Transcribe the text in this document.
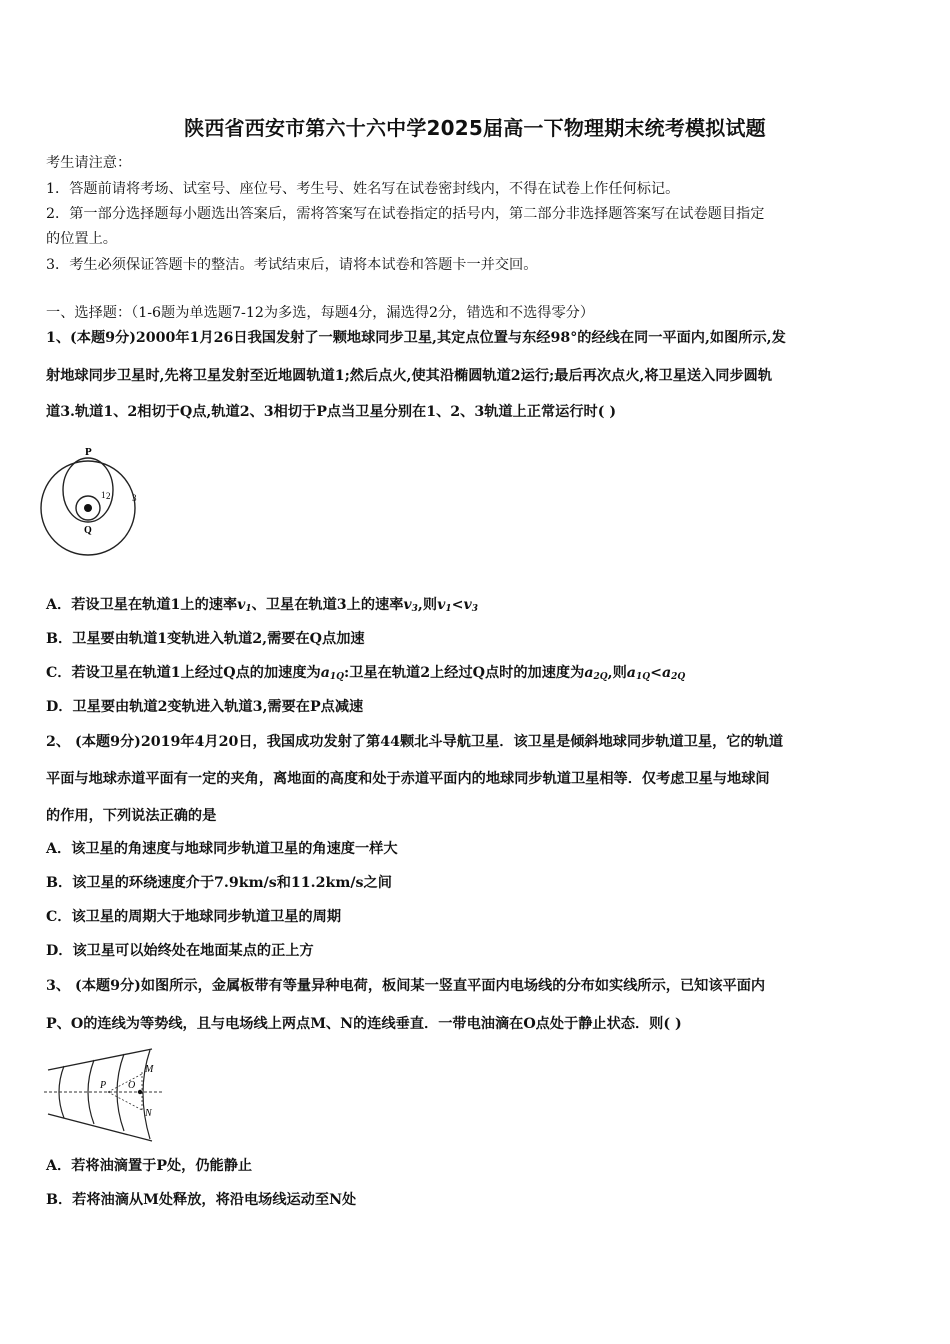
陕西省西安市第六十六中学2025届高一下物理期末统考模拟试题
考生请注意：
1．答题前请将考场、试室号、座位号、考生号、姓名写在试卷密封线内，不得在试卷上作任何标记。
2．第一部分选择题每小题选出答案后，需将答案写在试卷指定的括号内，第二部分非选择题答案写在试卷题目指定
的位置上。
3．考生必须保证答题卡的整洁。考试结束后，请将本试卷和答题卡一并交回。
一、选择题：（1-6题为单选题7-12为多选，每题4分，漏选得2分，错选和不选得零分）
1、(本题9分)2000年1月26日我国发射了一颗地球同步卫星,其定点位置与东经98°的经线在同一平面内,如图所示,发
射地球同步卫星时,先将卫星发射至近地圆轨道1;然后点火,使其沿椭圆轨道2运行;最后再次点火,将卫星送入同步圆轨
道3.轨道1、2相切于Q点,轨道2、3相切于P点当卫星分别在1、2、3轨道上正常运行时( )
P
Q
1 2 3
A．若设卫星在轨道1上的速率$v_1$、卫星在轨道3上的速率$v_3$,则$v_1<v_3$
B．卫星要由轨道1变轨进入轨道2,需要在Q点加速
C．若设卫星在轨道1上经过Q点的加速度为$a_{1Q}$:卫星在轨道2上经过Q点时的加速度为$a_{2Q}$,则$a_{1Q}<a_{2Q}$
D．卫星要由轨道2变轨进入轨道3,需要在P点减速
2、 (本题9分)2019年4月20日，我国成功发射了第44颗北斗导航卫星．该卫星是倾斜地球同步轨道卫星，它的轨道
平面与地球赤道平面有一定的夹角，离地面的高度和处于赤道平面内的地球同步轨道卫星相等．仅考虑卫星与地球间
的作用，下列说法正确的是
A．该卫星的角速度与地球同步轨道卫星的角速度一样大
B．该卫星的环绕速度介于7.9km/s和11.2km/s之间
C．该卫星的周期大于地球同步轨道卫星的周期
D．该卫星可以始终处在地面某点的正上方
3、 (本题9分)如图所示，金属板带有等量异种电荷，板间某一竖直平面内电场线的分布如实线所示，已知该平面内
P、O的连线为等势线，且与电场线上两点M、N的连线垂直．一带电油滴在O点处于静止状态．则( )
P O
M
N
A．若将油滴置于P处，仍能静止
B．若将油滴从M处释放，将沿电场线运动至N处
